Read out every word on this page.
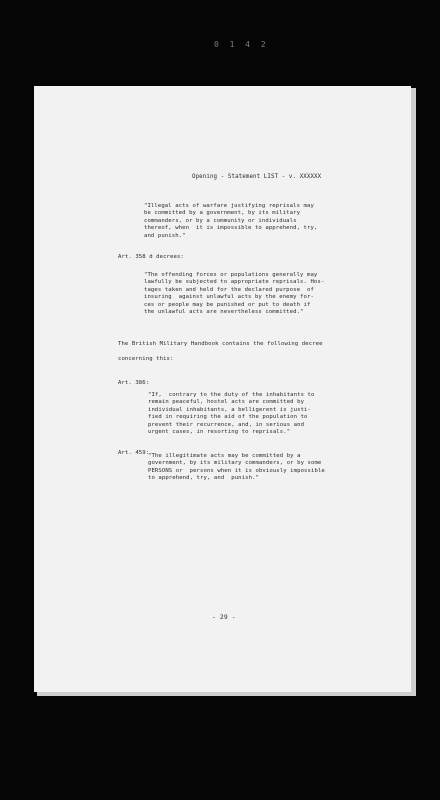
0 1 4 2
Opening - Statement LIST - v. XXXXXX
"Illegal acts of warfare justifying reprisals may
be committed by a government, by its military
commanders, or by a community or individuals
thereof, when  it is impossible to apprehend, try,
and punish."
Art. 358 d decrees:
"The offending forces or populations generally may
lawfully be subjected to appropriate reprisals. Hos-
tages taken and held for the declared purpose  of
insuring  against unlawful acts by the enemy for-
ces or people may be punished or put to death if
the unlawful acts are nevertheless committed."
The British Military Handbook contains the following decree
concerning this:
Art. 386:
"If,  contrary to the duty of the inhabitants to
remain peaceful, hostel acts are committed by
individual inhabitants, a belligerent is justi-
fied in requiring the aid of the population to
prevent their recurrence, and, in serious and
urgent cases, in resorting to reprisals."
Art. 459:
"The illegitimate acts may be committed by a
government, by its military commanders, or by some
PERSONS or  persons when it is obviously impossible
to apprehend, try, and  punish."
- 29 -
